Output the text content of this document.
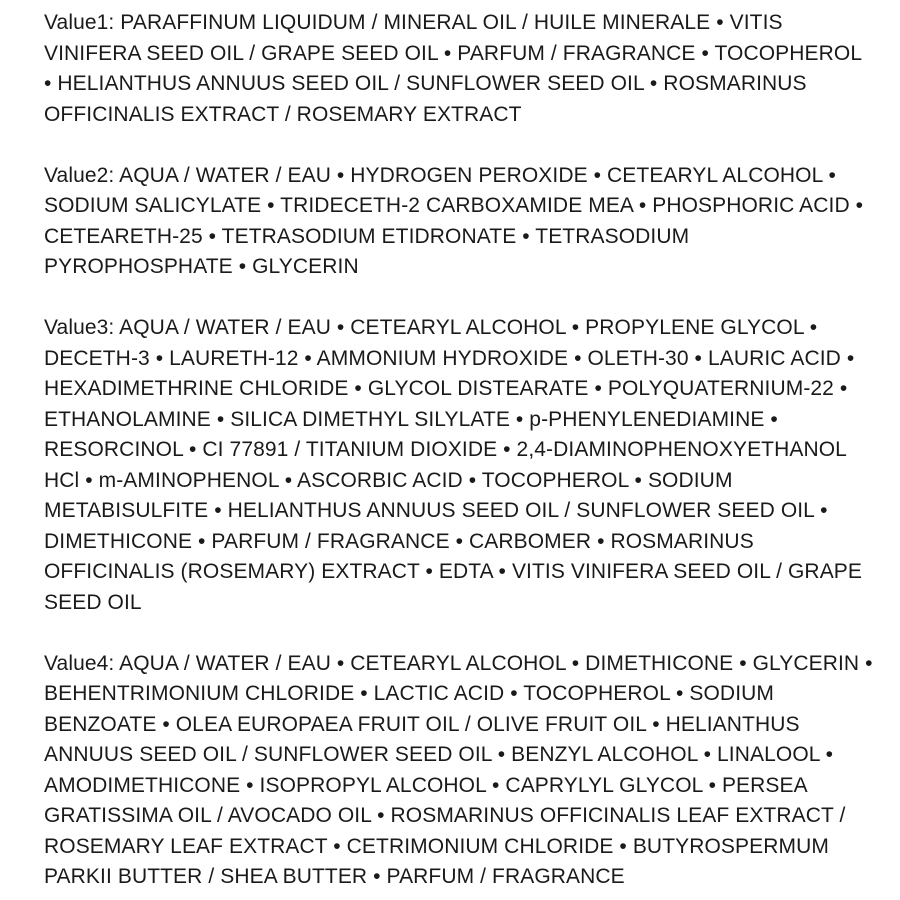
Value1: PARAFFINUM LIQUIDUM / MINERAL OIL / HUILE MINERALE • VITIS VINIFERA SEED OIL / GRAPE SEED OIL • PARFUM / FRAGRANCE • TOCOPHEROL • HELIANTHUS ANNUUS SEED OIL / SUNFLOWER SEED OIL • ROSMARINUS OFFICINALIS EXTRACT / ROSEMARY EXTRACT

Value2: AQUA / WATER / EAU • HYDROGEN PEROXIDE • CETEARYL ALCOHOL • SODIUM SALICYLATE • TRIDECETH-2 CARBOXAMIDE MEA • PHOSPHORIC ACID • CETEARETH-25 • TETRASODIUM ETIDRONATE • TETRASODIUM PYROPHOSPHATE • GLYCERIN

Value3: AQUA / WATER / EAU • CETEARYL ALCOHOL • PROPYLENE GLYCOL • DECETH-3 • LAURETH-12 • AMMONIUM HYDROXIDE • OLETH-30 • LAURIC ACID • HEXADIMETHRINE CHLORIDE • GLYCOL DISTEARATE • POLYQUATERNIUM-22 • ETHANOLAMINE • SILICA DIMETHYL SILYLATE • p-PHENYLENEDIAMINE • RESORCINOL • CI 77891 / TITANIUM DIOXIDE • 2,4-DIAMINOPHENOXYETHANOL HCl • m-AMINOPHENOL • ASCORBIC ACID • TOCOPHEROL • SODIUM METABISULFITE • HELIANTHUS ANNUUS SEED OIL / SUNFLOWER SEED OIL • DIMETHICONE • PARFUM / FRAGRANCE • CARBOMER • ROSMARINUS OFFICINALIS (ROSEMARY) EXTRACT • EDTA • VITIS VINIFERA SEED OIL / GRAPE SEED OIL

Value4: AQUA / WATER / EAU • CETEARYL ALCOHOL • DIMETHICONE • GLYCERIN • BEHENTRIMONIUM CHLORIDE • LACTIC ACID • TOCOPHEROL • SODIUM BENZOATE • OLEA EUROPAEA FRUIT OIL / OLIVE FRUIT OIL • HELIANTHUS ANNUUS SEED OIL / SUNFLOWER SEED OIL • BENZYL ALCOHOL • LINALOOL • AMODIMETHICONE • ISOPROPYL ALCOHOL • CAPRYLYL GLYCOL • PERSEA GRATISSIMA OIL / AVOCADO OIL • ROSMARINUS OFFICINALIS LEAF EXTRACT / ROSEMARY LEAF EXTRACT • CETRIMONIUM CHLORIDE • BUTYROSPERMUM PARKII BUTTER / SHEA BUTTER • PARFUM / FRAGRANCE
